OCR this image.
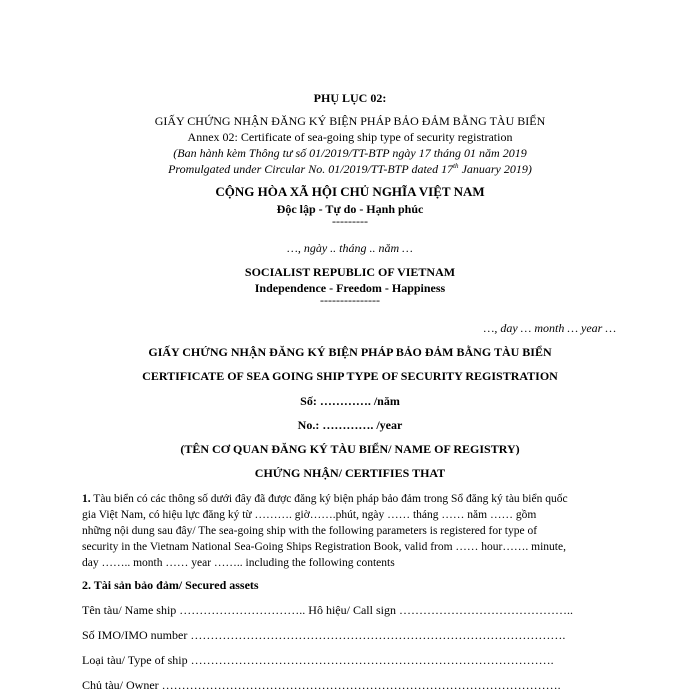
PHỤ LỤC 02:
GIẤY CHỨNG NHẬN ĐĂNG KÝ BIỆN PHÁP BẢO ĐẢM BẰNG TÀU BIỂN
Annex 02: Certificate of sea-going ship type of security registration
(Ban hành kèm Thông tư số 01/2019/TT-BTP ngày 17 tháng 01 năm 2019
Promulgated under Circular No. 01/2019/TT-BTP dated 17th January 2019)
CỘNG HÒA XÃ HỘI CHỦ NGHĨA VIỆT NAM
Độc lập - Tự do - Hạnh phúc
---------
…, ngày .. tháng .. năm …
SOCIALIST REPUBLIC OF VIETNAM
Independence - Freedom - Happiness
---------------
…, day … month … year …
GIẤY CHỨNG NHẬN ĐĂNG KÝ BIỆN PHÁP BẢO ĐẢM BẰNG TÀU BIỂN
CERTIFICATE OF SEA GOING SHIP TYPE OF SECURITY REGISTRATION
Số: …………. /năm
No.: …………. /year
(TÊN CƠ QUAN ĐĂNG KÝ TÀU BIỂN/ NAME OF REGISTRY)
CHỨNG NHẬN/ CERTIFIES THAT
1. Tàu biển có các thông số dưới đây đã được đăng ký biện pháp bảo đảm trong Sổ đăng ký tàu biển quốc
gia Việt Nam, có hiệu lực đăng ký từ ………. giờ…….phút, ngày …… tháng …… năm …… gồm
những nội dung sau đây/ The sea-going ship with the following parameters is registered for type of
security in the Vietnam National Sea-Going Ships Registration Book, valid from …… hour……. minute,
day …….. month …… year …….. including the following contents
2. Tài sản bảo đảm/ Secured assets
Tên tàu/ Name ship ………………………….. Hô hiệu/ Call sign ……………………………………..
Số IMO/IMO number ………………………………………………………………………………….
Loại tàu/ Type of ship ……………………………………………………………………………….
Chủ tàu/ Owner ……………………………………………………………………………………….
